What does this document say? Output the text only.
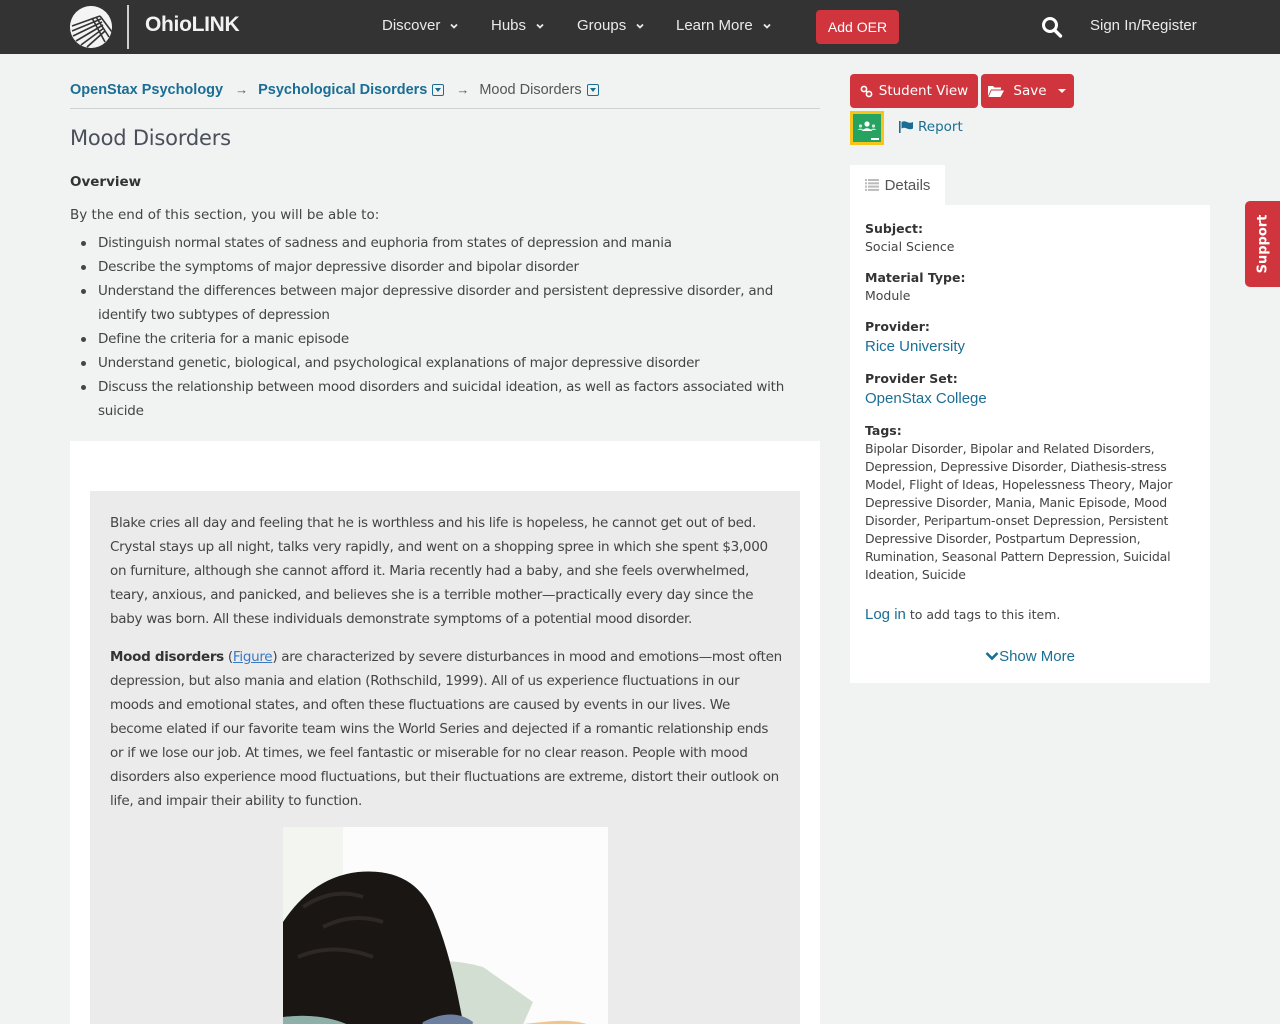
OhioLINK	Discover	Hubs	Groups	Learn More	Add OER	Sign In/Register
OpenStax Psychology → Psychological Disorders → Mood Disorders
Mood Disorders
Overview
By the end of this section, you will be able to:
Distinguish normal states of sadness and euphoria from states of depression and mania
Describe the symptoms of major depressive disorder and bipolar disorder
Understand the differences between major depressive disorder and persistent depressive disorder, and identify two subtypes of depression
Define the criteria for a manic episode
Understand genetic, biological, and psychological explanations of major depressive disorder
Discuss the relationship between mood disorders and suicidal ideation, as well as factors associated with suicide

Blake cries all day and feeling that he is worthless and his life is hopeless, he cannot get out of bed. Crystal stays up all night, talks very rapidly, and went on a shopping spree in which she spent $3,000 on furniture, although she cannot afford it. Maria recently had a baby, and she feels overwhelmed, teary, anxious, and panicked, and believes she is a terrible mother—practically every day since the baby was born. All these individuals demonstrate symptoms of a potential mood disorder.

Mood disorders (Figure) are characterized by severe disturbances in mood and emotions—most often depression, but also mania and elation (Rothschild, 1999). All of us experience fluctuations in our moods and emotional states, and often these fluctuations are caused by events in our lives. We become elated if our favorite team wins the World Series and dejected if a romantic relationship ends or if we lose our job. At times, we feel fantastic or miserable for no clear reason. People with mood disorders also experience mood fluctuations, but their fluctuations are extreme, distort their outlook on life, and impair their ability to function.

Student View	Save
Report
Details
Subject:
Social Science
Material Type:
Module
Provider:
Rice University
Provider Set:
OpenStax College
Tags:
Bipolar Disorder, Bipolar and Related Disorders, Depression, Depressive Disorder, Diathesis-stress Model, Flight of Ideas, Hopelessness Theory, Major Depressive Disorder, Mania, Manic Episode, Mood Disorder, Peripartum-onset Depression, Persistent Depressive Disorder, Postpartum Depression, Rumination, Seasonal Pattern Depression, Suicidal Ideation, Suicide
Log in to add tags to this item.
Show More
Support
